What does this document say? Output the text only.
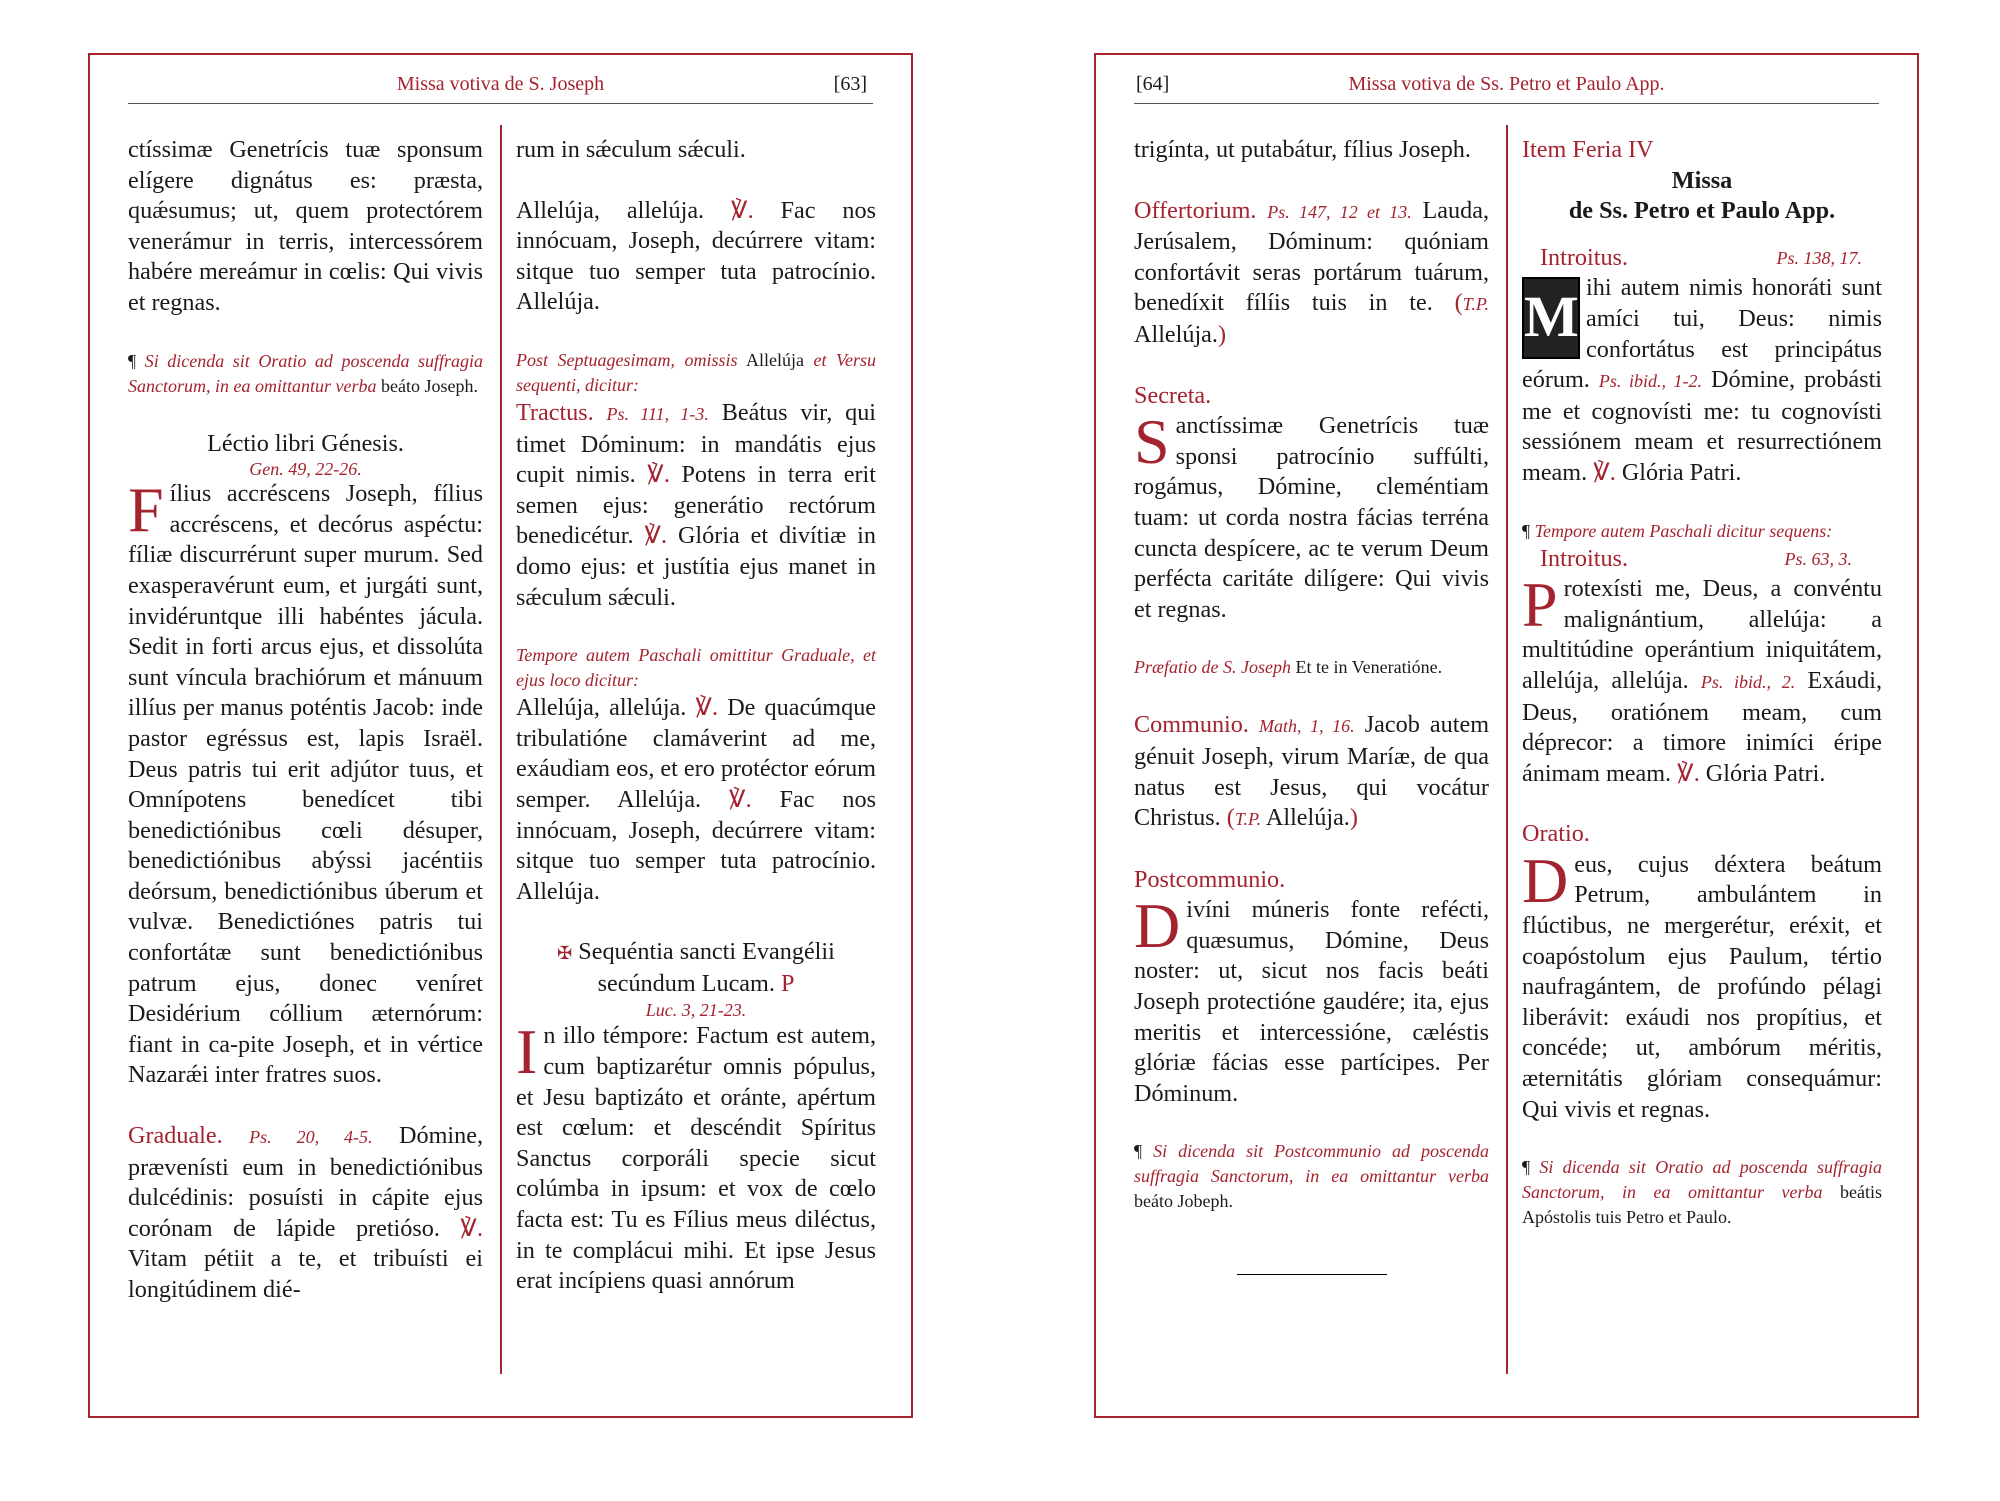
Missa votiva de S. Joseph	[63]

ctíssimæ Genetrícis tuæ sponsum elígere dignátus es: præsta, quǽsumus; ut, quem protectórem venerámur in terris, intercessórem habére mereámur in cœlis: Qui vivis et regnas.

¶ Si dicenda sit Oratio ad poscenda suffragia Sanctorum, in ea omittantur verba beáto Joseph.

Léctio libri Génesis.

Gen. 49, 22-26.

Fílius accréscens Joseph, fílius accréscens, et decórus aspéctu: fíliæ discurrérunt super murum. Sed exasperavérunt eum, et jurgáti sunt, invidéruntque illi habéntes jácula. Sedit in forti arcus ejus, et dissolúta sunt víncula brachiórum et mánuum illíus per manus poténtis Jacob: inde pastor egréssus est, lapis Israël. Deus patris tui erit adjútor tuus, et Omnípotens benedícet tibi benedictiónibus cœli désuper, benedictiónibus abýssi jacéntiis deórsum, benedictiónibus úberum et vulvæ. Benedictiónes patris tui confortátæ sunt benedictiónibus patrum ejus, donec veníret Desidérium cóllium æternórum: fiant in ca-pite Joseph, et in vértice Nazarǽi inter fratres suos.

Graduale. Ps. 20, 4-5. Dómine, prævenísti eum in benedictiónibus dulcédinis: posuísti in cápite ejus corónam de lápide pretióso. ℣. Vitam pétiit a te, et tribuísti ei longitúdinem dié-

rum in sǽculum sǽculi.

Allelúja, allelúja. ℣. Fac nos innócuam, Joseph, decúrrere vitam: sitque tuo semper tuta patrocínio. Allelúja.

Post Septuagesimam, omissis Allelúja et Versu sequenti, dicitur:

Tractus. Ps. 111, 1-3. Beátus vir, qui timet Dóminum: in mandátis ejus cupit nimis. ℣. Potens in terra erit semen ejus: generátio rectórum benedicétur. ℣. Glória et divítiæ in domo ejus: et justítia ejus manet in sǽculum sǽculi.

Tempore autem Paschali omittitur Graduale, et ejus loco dicitur:

Allelúja, allelúja. ℣. De quacúmque tribulatióne clamáverint ad me, exáudiam eos, et ero protéctor eórum semper. Allelúja. ℣. Fac nos innócuam, Joseph, decúrrere vitam: sitque tuo semper tuta patrocínio. Allelúja.

✠ Sequéntia sancti Evangélii secúndum Lucam. P

Luc. 3, 21-23.

In illo témpore: Factum est autem, cum baptizarétur omnis pópulus, et Jesu baptizáto et oránte, apértum est cœlum: et descéndit Spíritus Sanctus corporáli specie sicut colúmba in ipsum: et vox de cœlo facta est: Tu es Fílius meus diléctus, in te complácui mihi. Et ipse Jesus erat incípiens quasi annórum

Missa votiva de Ss. Petro et Paulo App.
[64]

trigínta, ut putabátur, fílius Joseph.

Offertorium. Ps. 147, 12 et 13. Lauda, Jerúsalem, Dóminum: quóniam confortávit seras portárum tuárum, benedíxit fílíis tuis in te. (T.P. Allelúja.)

Secreta.

Sanctíssimæ Genetrícis tuæ sponsi patrocínio suffúlti, rogámus, Dómine, cleméntiam tuam: ut corda nostra fácias terréna cuncta despícere, ac te verum Deum perfécta caritáte dilígere: Qui vivis et regnas.

Præfatio de S. Joseph Et te in Veneratióne.

Communio. Math, 1, 16. Jacob autem génuit Joseph, virum Maríæ, de qua natus est Jesus, qui vocátur Christus. (T.P. Allelúja.)

Postcommunio.

Divíni múneris fonte refécti, quæsumus, Dómine, Deus noster: ut, sicut nos facis beáti Joseph protectióne gaudére; ita, ejus meritis et intercessióne, cæléstis glóriæ fácias esse partícipes. Per Dóminum.

¶ Si dicenda sit Postcommunio ad poscenda suffragia Sanctorum, in ea omittantur verba beáto Jobeph.

Item Feria IV

Missa

de Ss. Petro et Paulo App.

Introitus.	Ps. 138, 17.

M ihi autem nimis honoráti sunt amíci tui, Deus: nimis confortátus est principátus eórum. Ps. ibid., 1-2. Dómine, probásti me et cognovísti me: tu cognovísti sessiónem meam et resurrectiónem meam. ℣. Glória Patri.

¶ Tempore autem Paschali dicitur sequens:

Introitus.	Ps. 63, 3.

Protexísti me, Deus, a convéntu malignántium, allelúja: a multitúdine operántium iniquitátem, allelúja, allelúja. Ps. ibid., 2. Exáudi, Deus, oratiónem meam, cum déprecor: a timore inimíci éripe ánimam meam. ℣. Glória Patri.

Oratio.

Deus, cujus déxtera beátum Petrum, ambulántem in flúctibus, ne mergerétur, eréxit, et coapóstolum ejus Paulum, tértio naufragántem, de profúndo pélagi liberávit: exáudi nos propítius, et concéde; ut, ambórum méritis, æternitátis glóriam consequámur: Qui vivis et regnas.

¶ Si dicenda sit Oratio ad poscenda suffragia Sanctorum, in ea omittantur verba beátis Apóstolis tuis Petro et Paulo.
